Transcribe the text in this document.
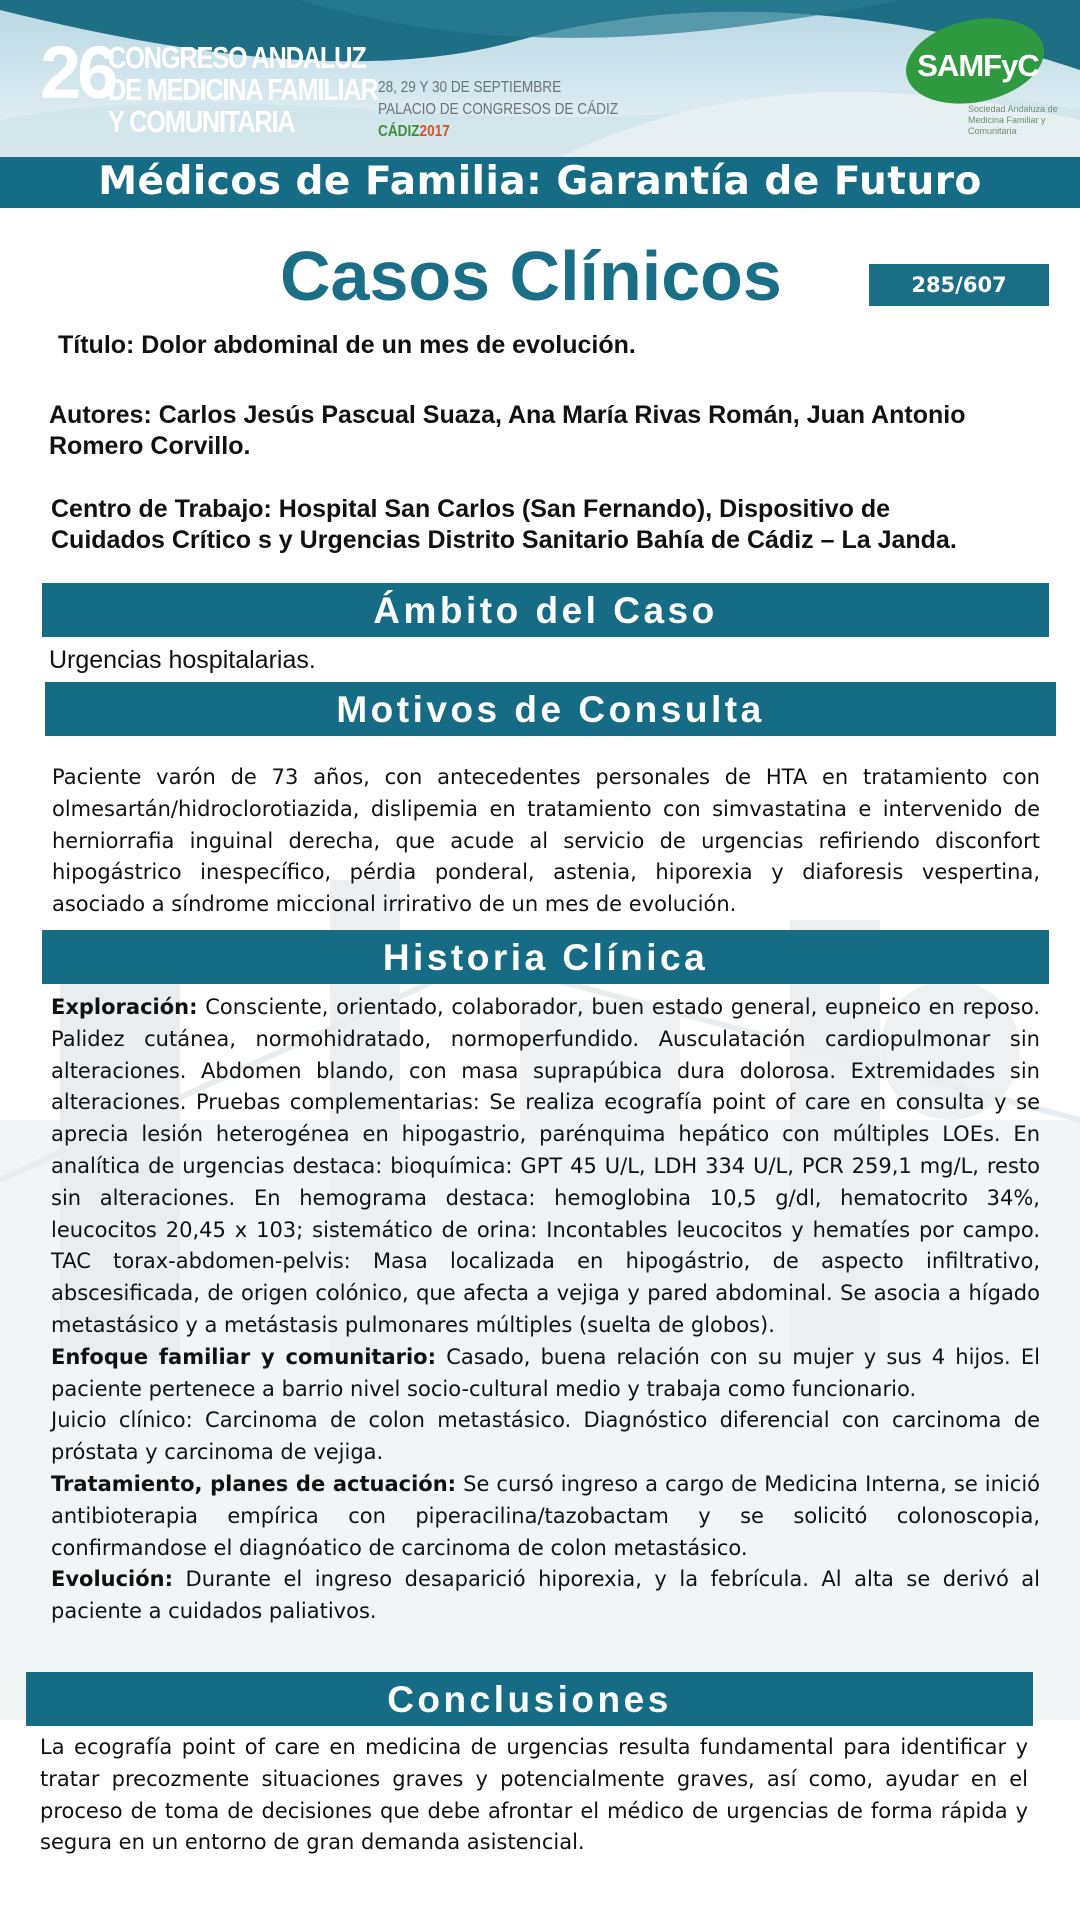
26
CONGRESO ANDALUZ
DE MEDICINA FAMILIAR
Y COMUNITARIA
28, 29 Y 30 DE SEPTIEMBRE
PALACIO DE CONGRESOS DE CÁDIZ
CÁDIZ2017
SAMFyC
Sociedad Andaluza de Medicina Familiar y Comunitaria
Médicos de Familia: Garantía de Futuro
Casos Clínicos	285/607
Título: Dolor abdominal de un mes de evolución.
Autores: Carlos Jesús Pascual Suaza, Ana María Rivas Román, Juan Antonio
Romero Corvillo.
Centro de Trabajo: Hospital San Carlos (San Fernando), Dispositivo de
Cuidados Crítico s y Urgencias Distrito Sanitario Bahía de Cádiz – La Janda.
Ámbito del Caso
Urgencias hospitalarias.
Motivos de Consulta
Paciente varón de 73 años, con antecedentes personales de HTA en tratamiento con olmesartán/hidroclorotiazida, dislipemia en tratamiento con simvastatina e intervenido de herniorrafia inguinal derecha, que acude al servicio de urgencias refiriendo disconfort hipogástrico inespecífico, pérdia ponderal, astenia, hiporexia y diaforesis vespertina, asociado a síndrome miccional irrirativo de un mes de evolución.
Historia Clínica

Exploración: Consciente, orientado, colaborador, buen estado general, eupneico en reposo. Palidez cutánea, normohidratado, normoperfundido. Ausculatación cardiopulmonar sin alteraciones. Abdomen blando, con masa suprapúbica dura dolorosa. Extremidades sin alteraciones. Pruebas complementarias: Se realiza ecografía point of care en consulta y se aprecia lesión heterogénea en hipogastrio, parénquima hepático con múltiples LOEs. En analítica de urgencias destaca: bioquímica: GPT 45 U/L, LDH 334 U/L, PCR 259,1 mg/L, resto sin alteraciones. En hemograma destaca: hemoglobina 10,5 g/dl, hematocrito 34%, leucocitos 20,45 x 103; sistemático de orina: Incontables leucocitos y hematíes por campo. TAC torax-abdomen-pelvis: Masa localizada en hipogástrio, de aspecto infiltrativo, abscesificada, de origen colónico, que afecta a vejiga y pared abdominal. Se asocia a hígado metastásico y a metástasis pulmonares múltiples (suelta de globos).

Enfoque familiar y comunitario: Casado, buena relación con su mujer y sus 4 hijos. El paciente pertenece a barrio nivel socio-cultural medio y trabaja como funcionario.

Juicio clínico: Carcinoma de colon metastásico. Diagnóstico diferencial con carcinoma de próstata y carcinoma de vejiga.

Tratamiento, planes de actuación: Se cursó ingreso a cargo de Medicina Interna, se inició antibioterapia empírica con piperacilina/tazobactam y se solicitó colonoscopia, confirmandose el diagnóatico de carcinoma de colon metastásico.

Evolución: Durante el ingreso desaparició hiporexia, y la febrícula. Al alta se derivó al paciente a cuidados paliativos.

Conclusiones
La ecografía point of care en medicina de urgencias resulta fundamental para identificar y tratar precozmente situaciones graves y potencialmente graves, así como, ayudar en el proceso de toma de decisiones que debe afrontar el médico de urgencias de forma rápida y segura en un entorno de gran demanda asistencial.
